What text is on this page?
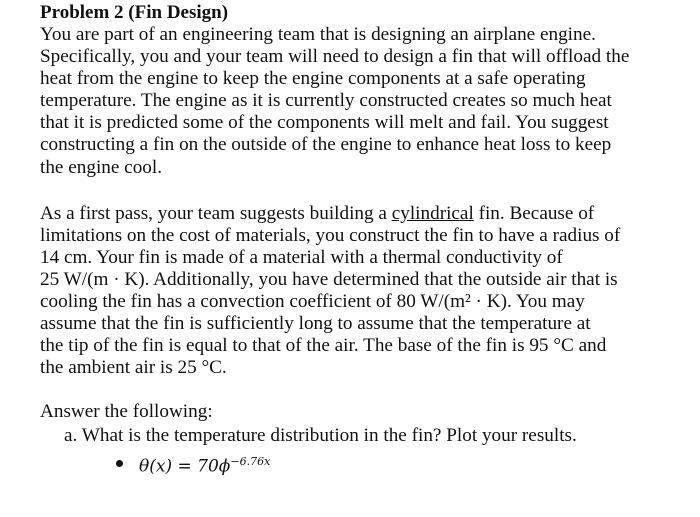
Problem 2 (Fin Design)

You are part of an engineering team that is designing an airplane engine.
Specifically, you and your team will need to design a fin that will offload the
heat from the engine to keep the engine components at a safe operating
temperature. The engine as it is currently constructed creates so much heat
that it is predicted some of the components will melt and fail. You suggest
constructing a fin on the outside of the engine to enhance heat loss to keep
the engine cool.
As a first pass, your team suggests building a cylindrical fin. Because of
limitations on the cost of materials, you construct the fin to have a radius of
14 cm. Your fin is made of a material with a thermal conductivity of
25 W/(m · K). Additionally, you have determined that the outside air that is
cooling the fin has a convection coefficient of 80 W/(m² · K). You may
assume that the fin is sufficiently long to assume that the temperature at
the tip of the fin is equal to that of the air. The base of the fin is 95 °C and
the ambient air is 25 °C.
Answer the following:
a. What is the temperature distribution in the fin? Plot your results.
$\theta(x) = 70\phi^{-6.76x}$
